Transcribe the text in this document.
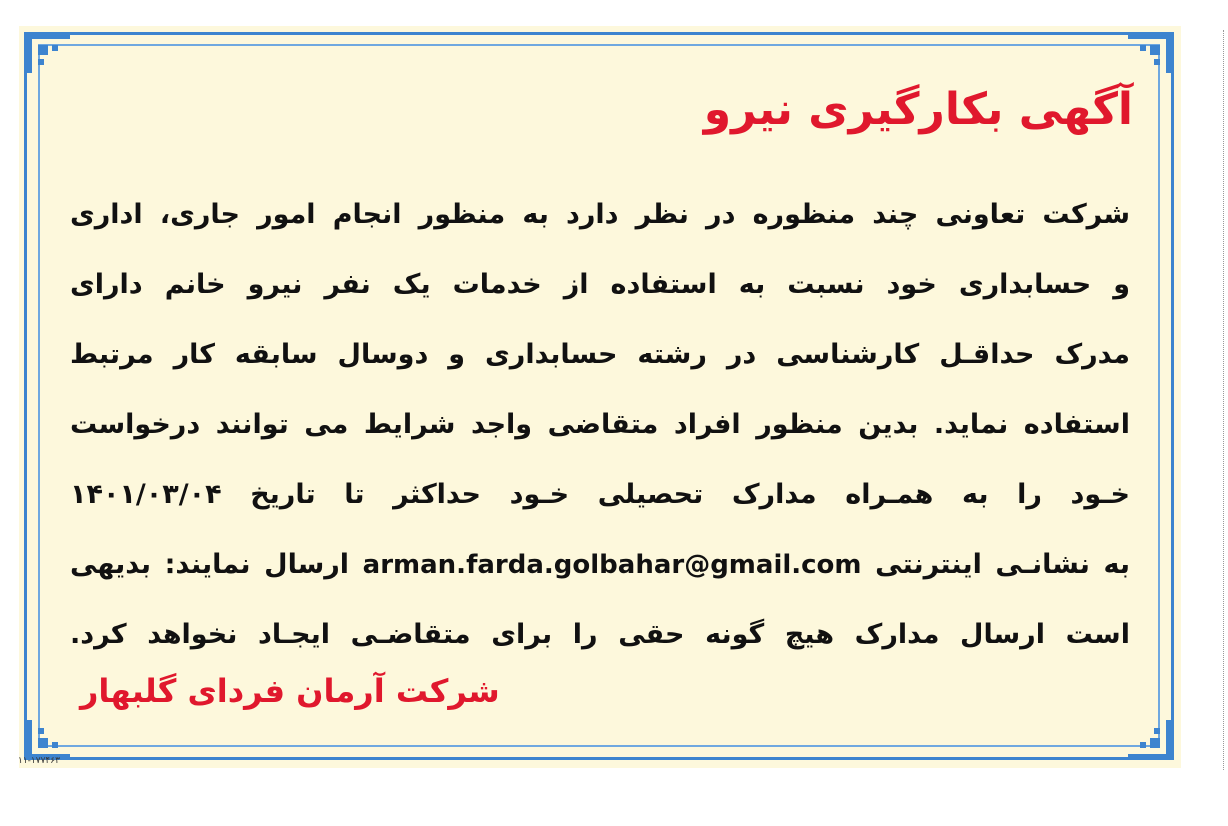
آگهی بکارگیری نیرو
شرکت تعاونی چند منظوره در نظر دارد به منظور انجام امور جاری، اداری
و حسابداری خود نسبت به استفاده از خدمات یک نفر نیرو خانم دارای
مدرک حداقـل کارشناسی در رشته حسابداری و دوسال سابقه کار مرتبط
استفاده نماید. بدین منظور افراد متقاضی واجد شرایط می توانند درخواست
خـود را به همـراه مدارک تحصیلی خـود حداکثر تا تاریخ ۱۴۰۱/۰۳/۰۴
به نشانـی اینترنتی arman.farda.golbahar@gmail.com ارسال نمایند: بدیهی
است ارسال مدارک هیچ گونه حقی را برای متقاضـی ایجـاد نخواهد کرد.
شرکت آرمان فردای گلبهار
۱۱-۱۷۷۴۶۳
